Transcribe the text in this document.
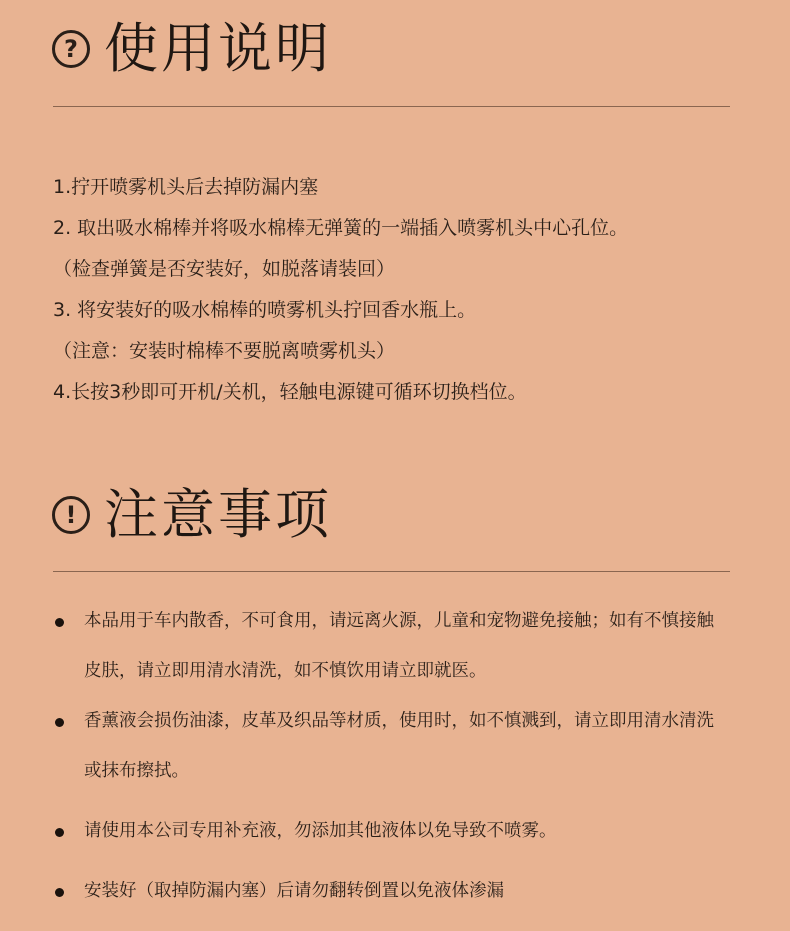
? 使用说明
1.拧开喷雾机头后去掉防漏内塞
2. 取出吸水棉棒并将吸水棉棒无弹簧的一端插入喷雾机头中心孔位。
（检查弹簧是否安装好，如脱落请装回）
3. 将安装好的吸水棉棒的喷雾机头拧回香水瓶上。
（注意：安装时棉棒不要脱离喷雾机头）
4.长按3秒即可开机/关机，轻触电源键可循环切换档位。
! 注意事项
本品用于车内散香，不可食用，请远离火源，儿童和宠物避免接触；如有不慎接触皮肤，请立即用清水清洗，如不慎饮用请立即就医。
香薰液会损伤油漆，皮革及织品等材质，使用时，如不慎溅到，请立即用清水清洗或抹布擦拭。
请使用本公司专用补充液，勿添加其他液体以免导致不喷雾。
安装好（取掉防漏内塞）后请勿翻转倒置以免液体渗漏
